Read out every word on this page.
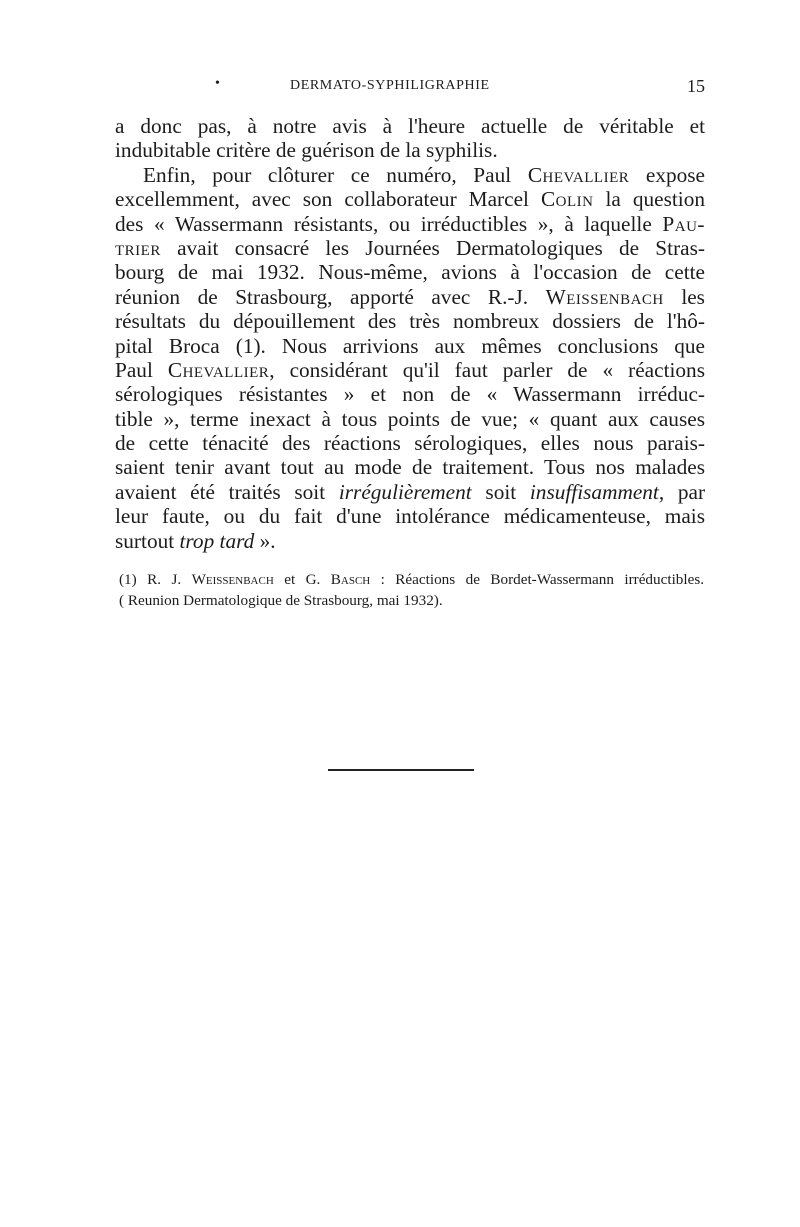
•	DERMATO-SYPHILIGRAPHIE	15
a donc pas, à notre avis à l'heure actuelle de véritable et
indubitable critère de guérison de la syphilis.
Enfin, pour clôturer ce numéro, Paul Chevallier expose
excellemment, avec son collaborateur Marcel Colin la question
des « Wassermann résistants, ou irréductibles », à laquelle Pau-
trier avait consacré les Journées Dermatologiques de Stras-
bourg de mai 1932. Nous-même, avions à l'occasion de cette
réunion de Strasbourg, apporté avec R.-J. Weissenbach les
résultats du dépouillement des très nombreux dossiers de l'hô-
pital Broca (1). Nous arrivions aux mêmes conclusions que
Paul Chevallier, considérant qu'il faut parler de « réactions
sérologiques résistantes » et non de « Wassermann irréduc-
tible », terme inexact à tous points de vue; « quant aux causes
de cette ténacité des réactions sérologiques, elles nous parais-
saient tenir avant tout au mode de traitement. Tous nos malades
avaient été traités soit irrégulièrement soit insuffisamment, par
leur faute, ou du fait d'une intolérance médicamenteuse, mais
surtout trop tard ».
(1) R. J. Weissenbach et G. Basch : Réactions de Bordet-Wassermann irréductibles.
( Reunion Dermatologique de Strasbourg, mai 1932).
